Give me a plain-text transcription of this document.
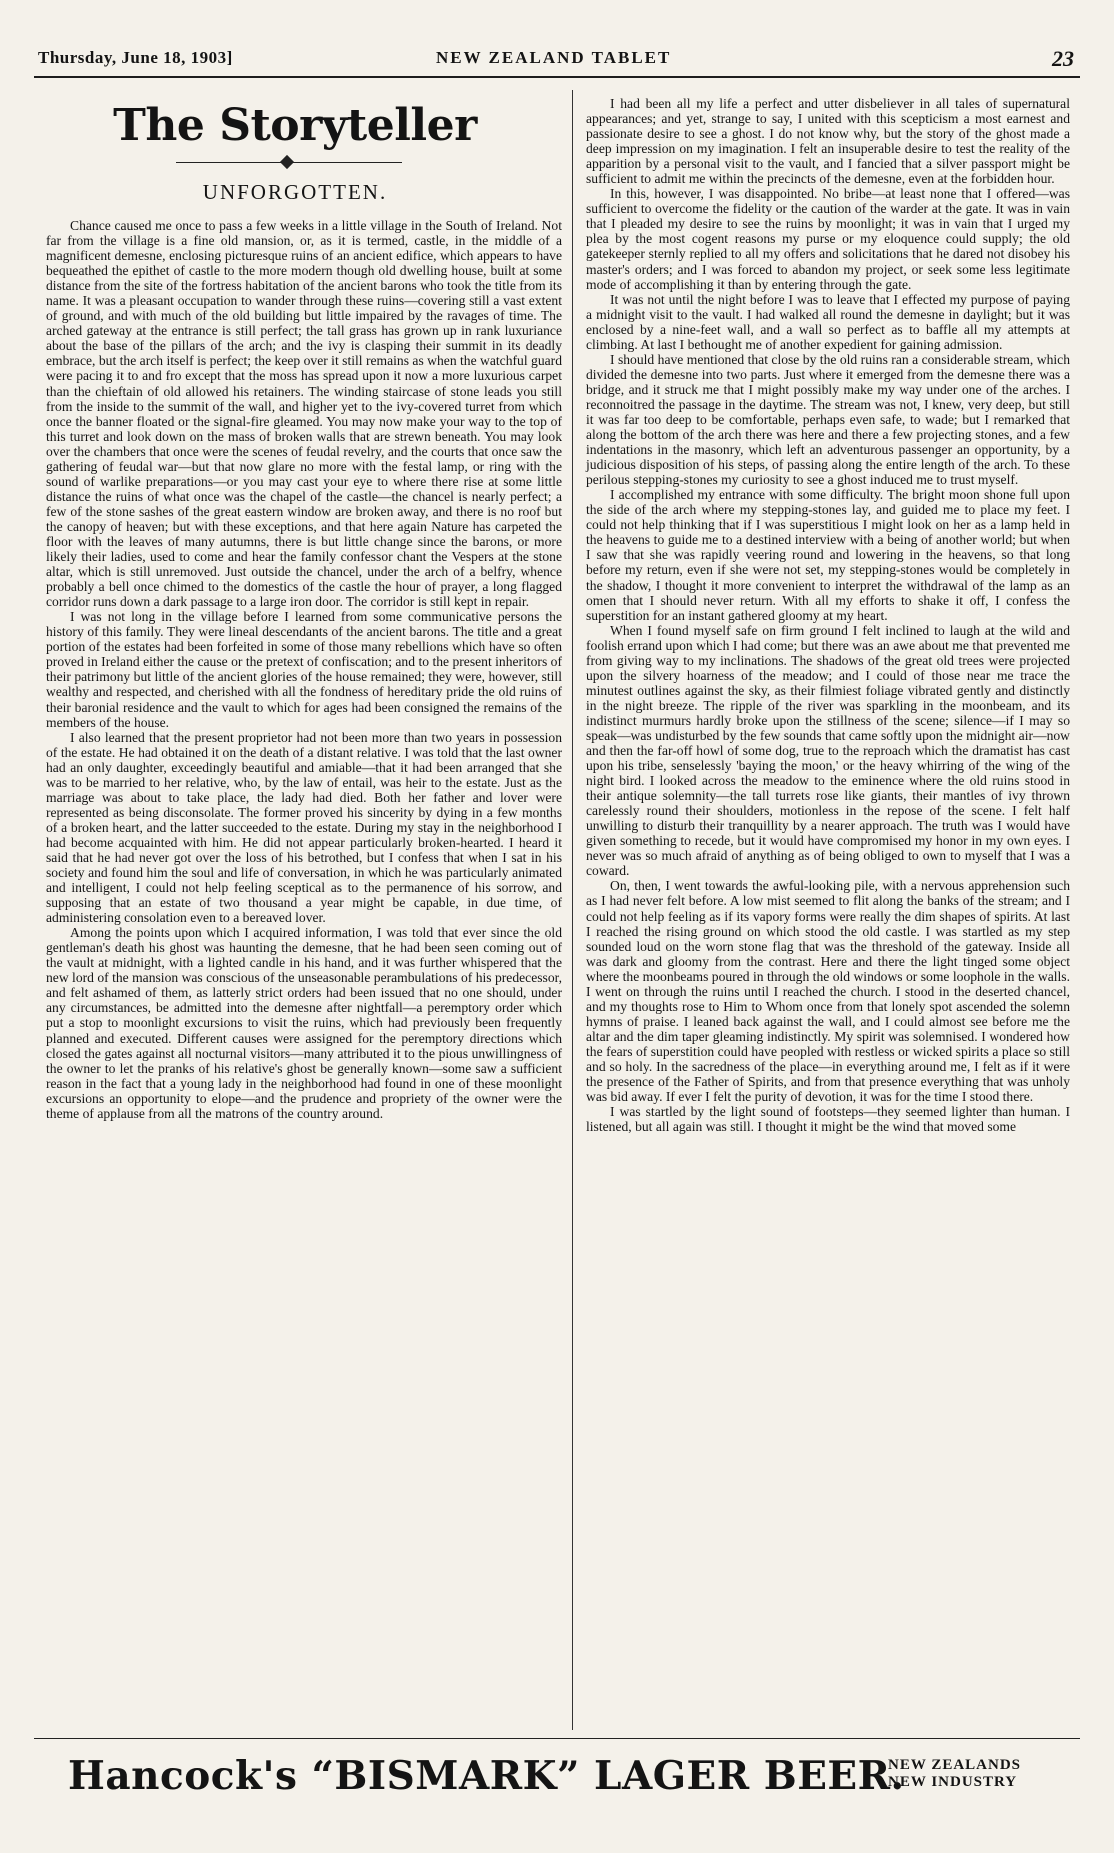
Thursday, June 18, 1903]	NEW ZEALAND TABLET	23
The Storyteller
UNFORGOTTEN.

Chance caused me once to pass a few weeks in a little village in the South of Ireland. Not far from the village is a fine old mansion, or, as it is termed, castle, in the middle of a magnificent demesne, enclosing picturesque ruins of an ancient edifice, which appears to have bequeathed the epithet of castle to the more modern though old dwelling house, built at some distance from the site of the fortress habitation of the ancient barons who took the title from its name. It was a pleasant occupation to wander through these ruins—covering still a vast extent of ground, and with much of the old building but little impaired by the ravages of time. The arched gateway at the entrance is still perfect; the tall grass has grown up in rank luxuriance about the base of the pillars of the arch; and the ivy is clasping their summit in its deadly embrace, but the arch itself is perfect; the keep over it still remains as when the watchful guard were pacing it to and fro except that the moss has spread upon it now a more luxurious carpet than the chieftain of old allowed his retainers. The winding staircase of stone leads you still from the inside to the summit of the wall, and higher yet to the ivy-covered turret from which once the banner floated or the signal-fire gleamed. You may now make your way to the top of this turret and look down on the mass of broken walls that are strewn beneath. You may look over the chambers that once were the scenes of feudal revelry, and the courts that once saw the gathering of feudal war—but that now glare no more with the festal lamp, or ring with the sound of warlike preparations—or you may cast your eye to where there rise at some little distance the ruins of what once was the chapel of the castle—the chancel is nearly perfect; a few of the stone sashes of the great eastern window are broken away, and there is no roof but the canopy of heaven; but with these exceptions, and that here again Nature has carpeted the floor with the leaves of many autumns, there is but little change since the barons, or more likely their ladies, used to come and hear the family confessor chant the Vespers at the stone altar, which is still unremoved. Just outside the chancel, under the arch of a belfry, whence probably a bell once chimed to the domestics of the castle the hour of prayer, a long flagged corridor runs down a dark passage to a large iron door. The corridor is still kept in repair.

I was not long in the village before I learned from some communicative persons the history of this family. They were lineal descendants of the ancient barons. The title and a great portion of the estates had been forfeited in some of those many rebellions which have so often proved in Ireland either the cause or the pretext of confiscation; and to the present inheritors of their patrimony but little of the ancient glories of the house remained; they were, however, still wealthy and respected, and cherished with all the fondness of hereditary pride the old ruins of their baronial residence and the vault to which for ages had been consigned the remains of the members of the house.

I also learned that the present proprietor had not been more than two years in possession of the estate. He had obtained it on the death of a distant relative. I was told that the last owner had an only daughter, exceedingly beautiful and amiable—that it had been arranged that she was to be married to her relative, who, by the law of entail, was heir to the estate. Just as the marriage was about to take place, the lady had died. Both her father and lover were represented as being disconsolate. The former proved his sincerity by dying in a few months of a broken heart, and the latter succeeded to the estate. During my stay in the neighborhood I had become acquainted with him. He did not appear particularly broken-hearted. I heard it said that he had never got over the loss of his betrothed, but I confess that when I sat in his society and found him the soul and life of conversation, in which he was particularly animated and intelligent, I could not help feeling sceptical as to the permanence of his sorrow, and supposing that an estate of two thousand a year might be capable, in due time, of administering consolation even to a bereaved lover.

Among the points upon which I acquired information, I was told that ever since the old gentleman's death his ghost was haunting the demesne, that he had been seen coming out of the vault at midnight, with a lighted candle in his hand, and it was further whispered that the new lord of the mansion was conscious of the unseasonable perambulations of his predecessor, and felt ashamed of them, as latterly strict orders had been issued that no one should, under any circumstances, be admitted into the demesne after nightfall—a peremptory order which put a stop to moonlight excursions to visit the ruins, which had previously been frequently planned and executed. Different causes were assigned for the peremptory directions which closed the gates against all nocturnal visitors—many attributed it to the pious unwillingness of the owner to let the pranks of his relative's ghost be generally known—some saw a sufficient reason in the fact that a young lady in the neighborhood had found in one of these moonlight excursions an opportunity to elope—and the prudence and propriety of the owner were the theme of applause from all the matrons of the country around.

I had been all my life a perfect and utter disbeliever in all tales of supernatural appearances; and yet, strange to say, I united with this scepticism a most earnest and passionate desire to see a ghost. I do not know why, but the story of the ghost made a deep impression on my imagination. I felt an insuperable desire to test the reality of the apparition by a personal visit to the vault, and I fancied that a silver passport might be sufficient to admit me within the precincts of the demesne, even at the forbidden hour.

In this, however, I was disappointed. No bribe—at least none that I offered—was sufficient to overcome the fidelity or the caution of the warder at the gate. It was in vain that I pleaded my desire to see the ruins by moonlight; it was in vain that I urged my plea by the most cogent reasons my purse or my eloquence could supply; the old gatekeeper sternly replied to all my offers and solicitations that he dared not disobey his master's orders; and I was forced to abandon my project, or seek some less legitimate mode of accomplishing it than by entering through the gate.

It was not until the night before I was to leave that I effected my purpose of paying a midnight visit to the vault. I had walked all round the demesne in daylight; but it was enclosed by a nine-feet wall, and a wall so perfect as to baffle all my attempts at climbing. At last I bethought me of another expedient for gaining admission.

I should have mentioned that close by the old ruins ran a considerable stream, which divided the demesne into two parts. Just where it emerged from the demesne there was a bridge, and it struck me that I might possibly make my way under one of the arches. I reconnoitred the passage in the daytime. The stream was not, I knew, very deep, but still it was far too deep to be comfortable, perhaps even safe, to wade; but I remarked that along the bottom of the arch there was here and there a few projecting stones, and a few indentations in the masonry, which left an adventurous passenger an opportunity, by a judicious disposition of his steps, of passing along the entire length of the arch. To these perilous stepping-stones my curiosity to see a ghost induced me to trust myself.

I accomplished my entrance with some difficulty. The bright moon shone full upon the side of the arch where my stepping-stones lay, and guided me to place my feet. I could not help thinking that if I was superstitious I might look on her as a lamp held in the heavens to guide me to a destined interview with a being of another world; but when I saw that she was rapidly veering round and lowering in the heavens, so that long before my return, even if she were not set, my stepping-stones would be completely in the shadow, I thought it more convenient to interpret the withdrawal of the lamp as an omen that I should never return. With all my efforts to shake it off, I confess the superstition for an instant gathered gloomy at my heart.

When I found myself safe on firm ground I felt inclined to laugh at the wild and foolish errand upon which I had come; but there was an awe about me that prevented me from giving way to my inclinations. The shadows of the great old trees were projected upon the silvery hoarness of the meadow; and I could of those near me trace the minutest outlines against the sky, as their filmiest foliage vibrated gently and distinctly in the night breeze. The ripple of the river was sparkling in the moonbeam, and its indistinct murmurs hardly broke upon the stillness of the scene; silence—if I may so speak—was undisturbed by the few sounds that came softly upon the midnight air—now and then the far-off howl of some dog, true to the reproach which the dramatist has cast upon his tribe, senselessly 'baying the moon,' or the heavy whirring of the wing of the night bird. I looked across the meadow to the eminence where the old ruins stood in their antique solemnity—the tall turrets rose like giants, their mantles of ivy thrown carelessly round their shoulders, motionless in the repose of the scene. I felt half unwilling to disturb their tranquillity by a nearer approach. The truth was I would have given something to recede, but it would have compromised my honor in my own eyes. I never was so much afraid of anything as of being obliged to own to myself that I was a coward.

On, then, I went towards the awful-looking pile, with a nervous apprehension such as I had never felt before. A low mist seemed to flit along the banks of the stream; and I could not help feeling as if its vapory forms were really the dim shapes of spirits. At last I reached the rising ground on which stood the old castle. I was startled as my step sounded loud on the worn stone flag that was the threshold of the gateway. Inside all was dark and gloomy from the contrast. Here and there the light tinged some object where the moonbeams poured in through the old windows or some loophole in the walls. I went on through the ruins until I reached the church. I stood in the deserted chancel, and my thoughts rose to Him to Whom once from that lonely spot ascended the solemn hymns of praise. I leaned back against the wall, and I could almost see before me the altar and the dim taper gleaming indistinctly. My spirit was solemnised. I wondered how the fears of superstition could have peopled with restless or wicked spirits a place so still and so holy. In the sacredness of the place—in everything around me, I felt as if it were the presence of the Father of Spirits, and from that presence everything that was unholy was bid away. If ever I felt the purity of devotion, it was for the time I stood there.

I was startled by the light sound of footsteps—they seemed lighter than human. I listened, but all again was still. I thought it might be the wind that moved some

Hancock's “BISMARK” LAGER BEER.
NEW ZEALANDS
NEW INDUSTRY
